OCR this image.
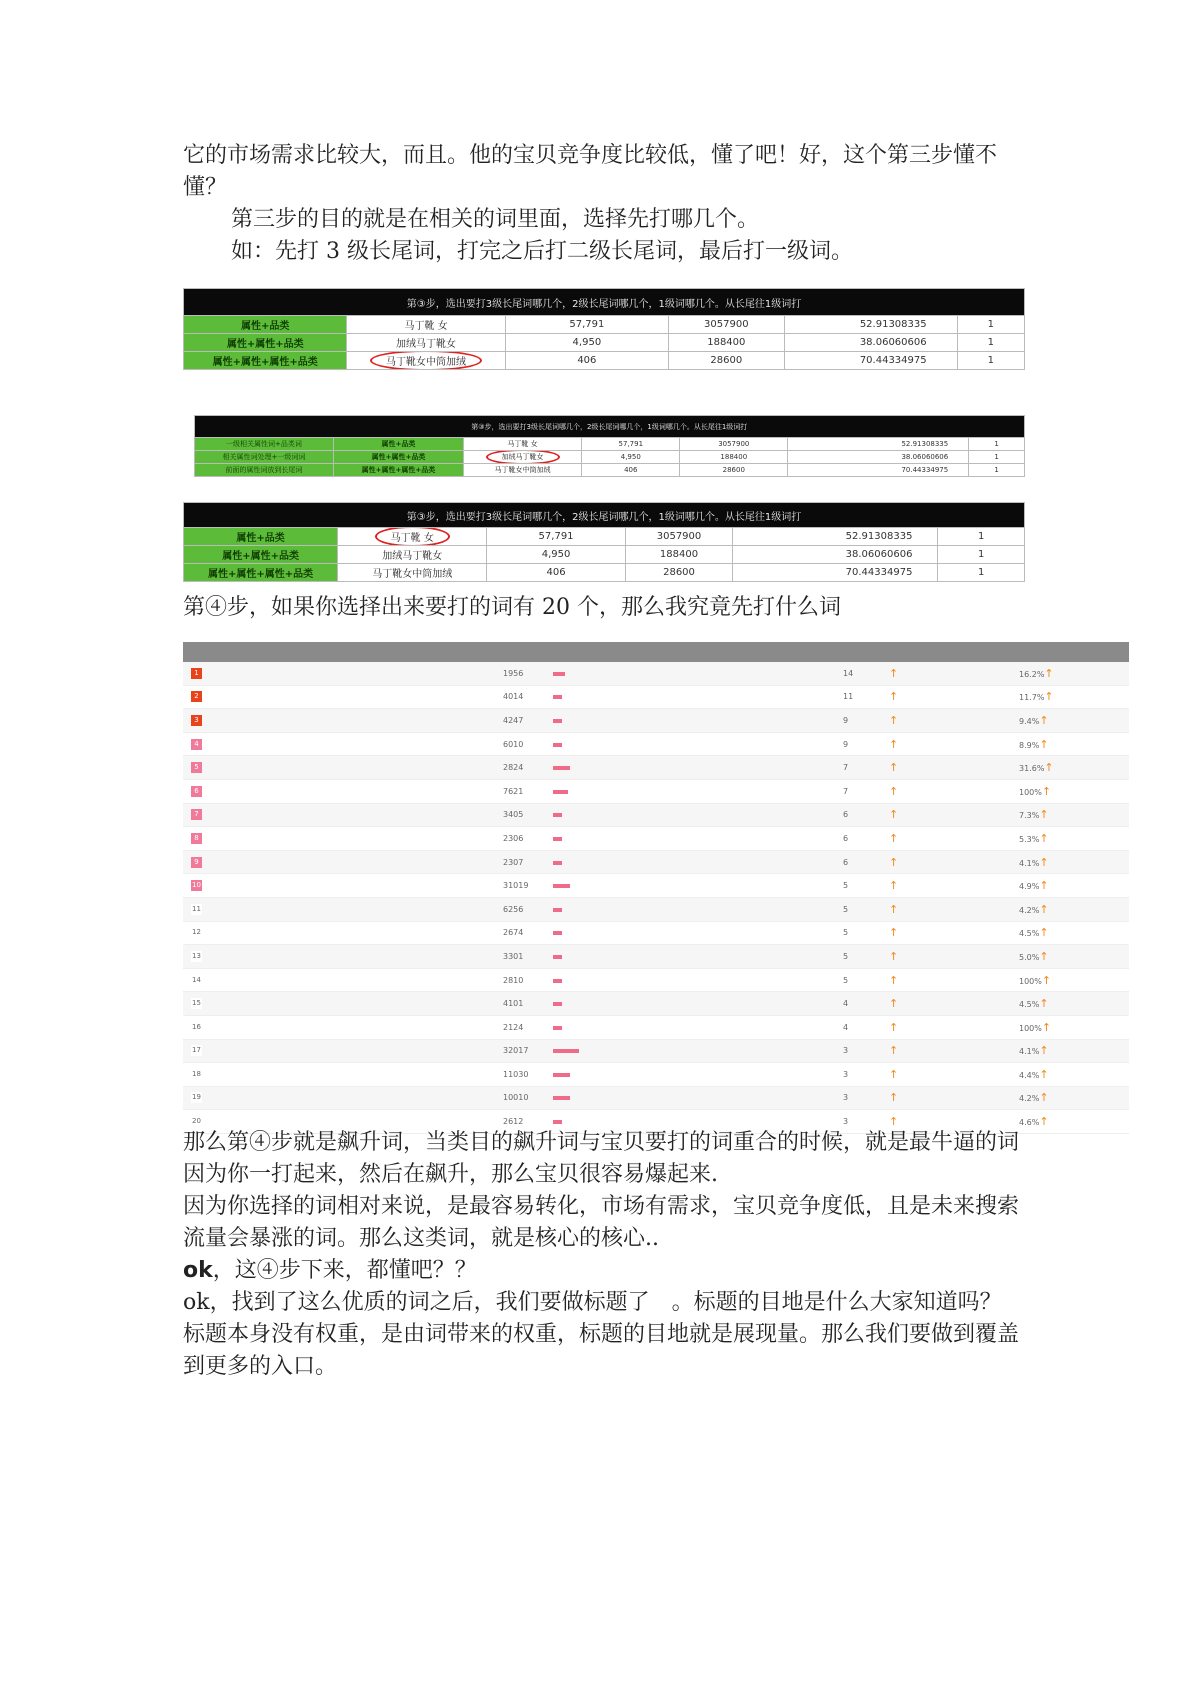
它的市场需求比较大，而且。他的宝贝竞争度比较低，懂了吧！好，这个第三步懂不懂？

第三步的目的就是在相关的词里面，选择先打哪几个。

如：先打 3 级长尾词，打完之后打二级长尾词，最后打一级词。

第③步，选出要打3级长尾词哪几个，2级长尾词哪几个，1级词哪几个。从长尾往1级词打					
属性+品类	马丁靴 女	57,791	3057900	52.91308335	1
属性+属性+品类	加绒马丁靴女	4,950	188400	38.06060606	1
属性+属性+属性+品类	马丁靴女中筒加绒	406	28600	70.44334975	1
	第③步，选出要打3级长尾词哪几个，2级长尾词哪几个，1级词哪几个。从长尾往1级词打						
	一级相关属性词+品类词	属性+品类	马丁靴 女	57,791	3057900	52.91308335	1
	相关属性词处理+一级词词	属性+属性+品类	加绒马丁靴女	4,950	188400	38.06060606	1
	前面的属性词放到长尾词	属性+属性+属性+品类	马丁靴女中筒加绒	406	28600	70.44334975	1
第③步，选出要打3级长尾词哪几个，2级长尾词哪几个，1级词哪几个。从长尾往1级词打					
属性+品类	马丁靴 女	57,791	3057900	52.91308335	1
属性+属性+品类	加绒马丁靴女	4,950	188400	38.06060606	1
属性+属性+属性+品类	马丁靴女中筒加绒	406	28600	70.44334975	1

第④步，如果你选择出来要打的词有 20 个，那么我究竟先打什么词

1	1956	14	↑	16.2%↑
2	4014	11	↑	11.7%↑
3	4247	9	↑	9.4%↑
4	6010	9	↑	8.9%↑
5	2824	7	↑	31.6%↑
6	7621	7	↑	100%↑
7	3405	6	↑	7.3%↑
8	2306	6	↑	5.3%↑
9	2307	6	↑	4.1%↑
10	31019	5	↑	4.9%↑
11	6256	5	↑	4.2%↑
12	2674	5	↑	4.5%↑
13	3301	5	↑	5.0%↑
14	2810	5	↑	100%↑
15	4101	4	↑	4.5%↑
16	2124	4	↑	100%↑
17	32017	3	↑	4.1%↑
18	11030	3	↑	4.4%↑
19	10010	3	↑	4.2%↑
20	2612	3	↑	4.6%↑

那么第④步就是飙升词，当类目的飙升词与宝贝要打的词重合的时候，就是最牛逼的词

因为你一打起来，然后在飙升，那么宝贝很容易爆起来.

因为你选择的词相对来说，是最容易转化，市场有需求，宝贝竞争度低，且是未来搜索流量会暴涨的词。那么这类词，就是核心的核心..

ok，这④步下来，都懂吧？？

ok，找到了这么优质的词之后，我们要做标题了　。标题的目地是什么大家知道吗？标题本身没有权重，是由词带来的权重，标题的目地就是展现量。那么我们要做到覆盖到更多的入口。
